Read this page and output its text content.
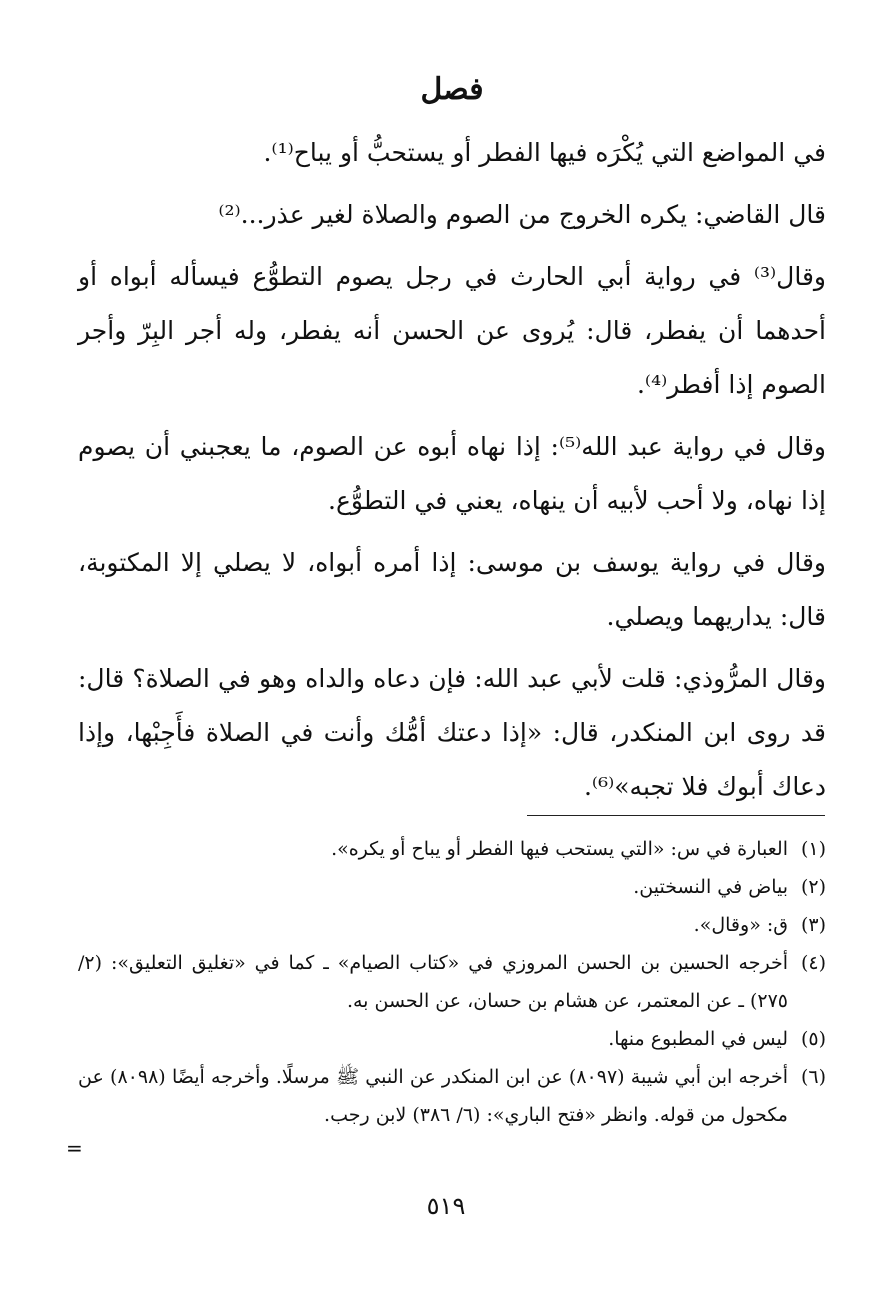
فصل

في المواضع التي يُكْرَه فيها الفطر أو يستحبُّ أو يباح⁽¹⁾.

قال القاضي: يكره الخروج من الصوم والصلاة لغير عذر...⁽²⁾

وقال⁽³⁾ في رواية أبي الحارث في رجل يصوم التطوُّع فيسأله أبواه أو أحدهما أن يفطر، قال: يُروى عن الحسن أنه يفطر، وله أجر البِرّ وأجر الصوم إذا أفطر⁽⁴⁾.

وقال في رواية عبد الله⁽⁵⁾: إذا نهاه أبوه عن الصوم، ما يعجبني أن يصوم إذا نهاه، ولا أحب لأبيه أن ينهاه، يعني في التطوُّع.

وقال في رواية يوسف بن موسى: إذا أمره أبواه، لا يصلي إلا المكتوبة، قال: يداريهما ويصلي.

وقال المرُّوذي: قلت لأبي عبد الله: فإن دعاه والداه وهو في الصلاة؟ قال: قد روى ابن المنكدر، قال: «إذا دعتك أمُّك وأنت في الصلاة فأَجِبْها، وإذا دعاك أبوك فلا تجبه»⁽⁶⁾.

(١)
العبارة في س: «التي يستحب فيها الفطر أو يباح أو يكره».
(٢)
بياض في النسختين.
(٣)
ق: «وقال».
(٤)
أخرجه الحسين بن الحسن المروزي في «كتاب الصيام» ـ كما في «تغليق التعليق»: (٢/ ٢٧٥) ـ عن المعتمر، عن هشام بن حسان، عن الحسن به.
(٥)
ليس في المطبوع منها.
(٦)
أخرجه ابن أبي شيبة (٨٠٩٧) عن ابن المنكدر عن النبي ﷺ مرسلًا. وأخرجه أيضًا (٨٠٩٨) عن مكحول من قوله. وانظر «فتح الباري»: (٦/ ٣٨٦) لابن رجب.
=
٥١٩
